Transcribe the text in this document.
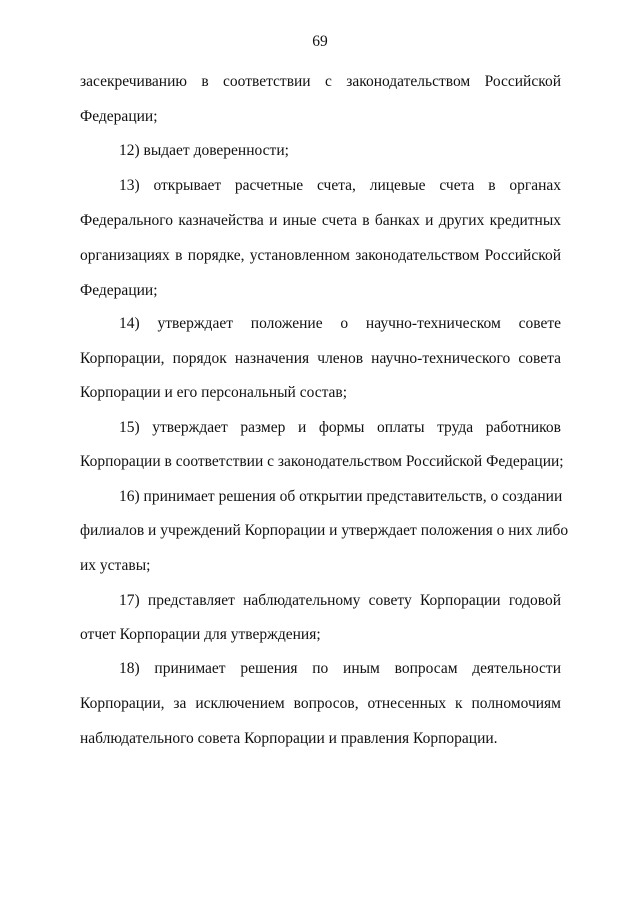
69
засекречиванию в соответствии с законодательством Российской
Федерации;
12) выдает доверенности;
13) открывает расчетные счета, лицевые счета в органах
Федерального казначейства и иные счета в банках и других кредитных
организациях в порядке, установленном законодательством Российской
Федерации;
14) утверждает положение о научно-техническом совете
Корпорации, порядок назначения членов научно-технического совета
Корпорации и его персональный состав;
15) утверждает размер и формы оплаты труда работников
Корпорации в соответствии с законодательством Российской Федерации;
16) принимает решения об открытии представительств, о создании
филиалов и учреждений Корпорации и утверждает положения о них либо
их уставы;
17) представляет наблюдательному совету Корпорации годовой
отчет Корпорации для утверждения;
18) принимает решения по иным вопросам деятельности
Корпорации, за исключением вопросов, отнесенных к полномочиям
наблюдательного совета Корпорации и правления Корпорации.
